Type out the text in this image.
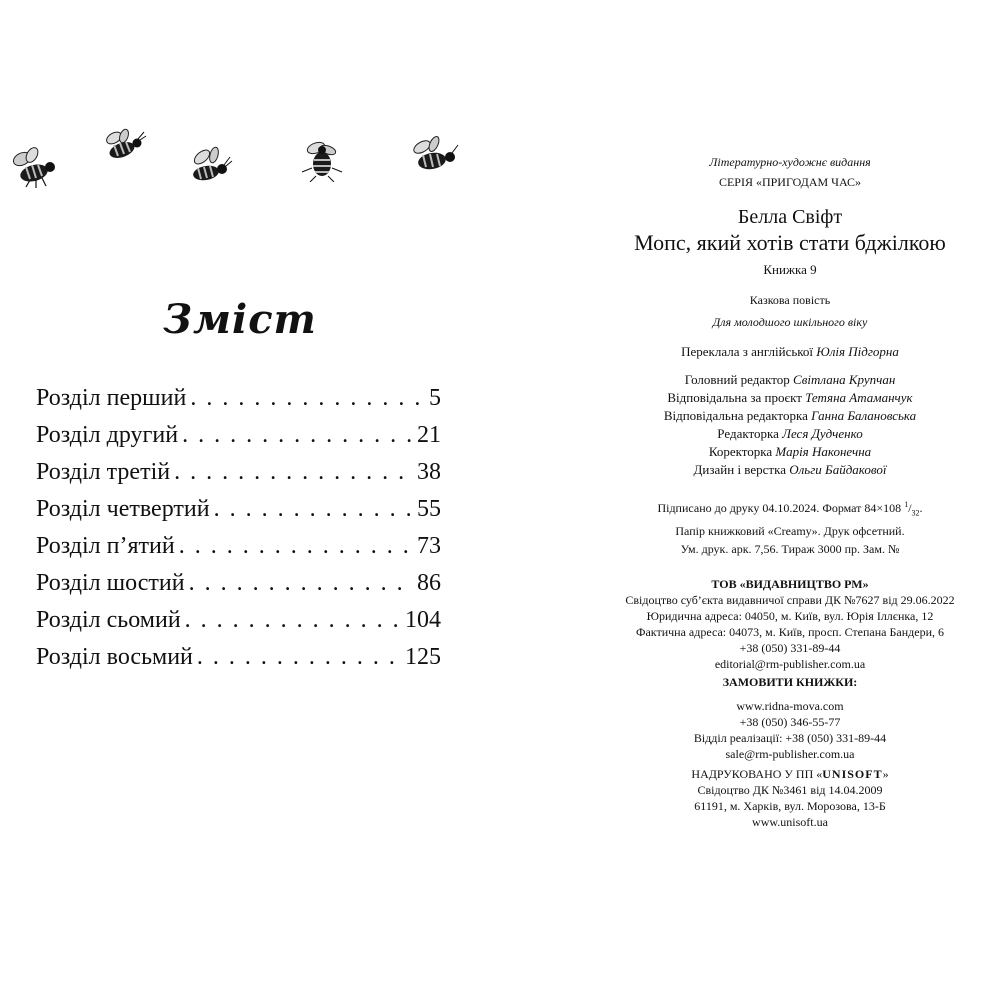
Зміст
Розділ перший . . .	5
Розділ другий . . .	21
Розділ третій . . .	38
Розділ четвертий . . .	55
Розділ п’ятий . . .	73
Розділ шостий . . .	86
Розділ сьомий . . .	104
Розділ восьмий . . .	125
Літературно-художнє видання
СЕРІЯ «ПРИГОДАМ ЧАС»
Белла Свіфт
Мопс, який хотів стати бджілкою
Книжка 9
Казкова повість
Для молодшого шкільного віку
Переклала з англійської Юлія Підгорна
Головний редактор Світлана Крупчан
Відповідальна за проєкт Тетяна Атаманчук
Відповідальна редакторка Ганна Балановська
Редакторка Леся Дудченко
Коректорка Марія Наконечна
Дизайн і верстка Ольги Байдакової
Підписано до друку 04.10.2024. Формат 84×108 $^1/_{32}$.
Папір книжковий «Creamy». Друк офсетний.
Ум. друк. арк. 7,56. Тираж 3000 пр. Зам. №
ТОВ «ВИДАВНИЦТВО РМ»
Свідоцтво суб’єкта видавничої справи ДК №7627 від 29.06.2022
Юридична адреса: 04050, м. Київ, вул. Юрія Іллєнка, 12
Фактична адреса: 04073, м. Київ, просп. Степана Бандери, 6
+38 (050) 331-89-44
editorial@rm-publisher.com.ua
ЗАМОВИТИ КНИЖКИ:
www.ridna-mova.com
+38 (050) 346-55-77
Відділ реалізації: +38 (050) 331-89-44
sale@rm-publisher.com.ua
НАДРУКОВАНО У ПП «UNISOFT»
Свідоцтво ДК №3461 від 14.04.2009
61191, м. Харків, вул. Морозова, 13-Б
www.unisoft.ua
